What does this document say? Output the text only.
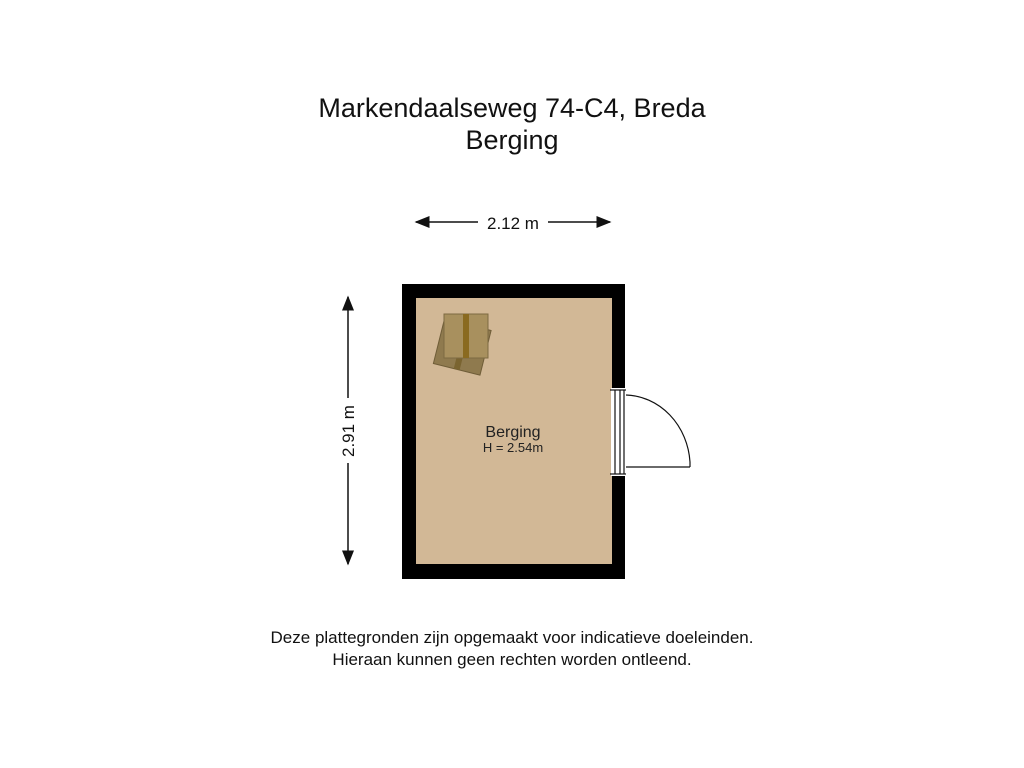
Markendaalseweg 74-C4, Breda
Berging
2.12 m
2.91 m	Berging
H = 2.54m
Deze plattegronden zijn opgemaakt voor indicatieve doeleinden.
Hieraan kunnen geen rechten worden ontleend.
